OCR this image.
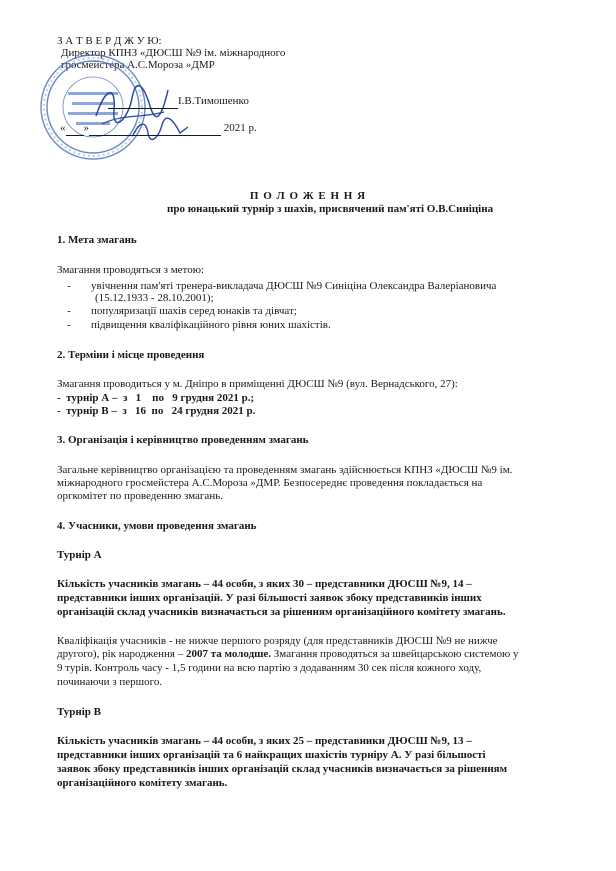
З А Т В Е Р Д Ж У Ю:
Директор КПНЗ «ДЮСШ №9 ім. міжнародного
гросмейстера А.С.Мороза »ДМР
І.В.Тимошенко
« »	2021 р.
П О Л О Ж Е Н Н Я
про юнацький турнір з шахів, присвячений пам'яті О.В.Синіціна
1. Мета змагань
Змагання проводяться з метою:
-	увічнення пам'яті тренера-викладача ДЮСШ №9 Синіціна Олександра Валеріановича
(15.12.1933 - 28.10.2001);
-	популяризації шахів серед юнаків та дівчат;
-	підвищення кваліфікаційного рівня юних шахістів.
2. Терміни і місце проведення
Змагання проводиться у м. Дніпро в приміщенні ДЮСШ №9 (вул. Вернадського, 27):
-  турнір А –  з   1    по   9 грудня 2021 р.;
-  турнір В –  з   16  по   24 грудня 2021 р.
3. Організація і керівництво проведенням змагань
Загальне керівництво організацією та проведенням змагань здійснюється КПНЗ «ДЮСШ №9 ім.
міжнародного гросмейстера А.С.Мороза »ДМР. Безпосереднє проведення покладається на
оргкомітет по проведенню змагань.
4. Учасники, умови проведення змагань
Турнір А
Кількість учасників змагань – 44 особи, з яких 30 – представники ДЮСШ №9, 14 –
представники інших організацій. У разі більшості заявок збоку представників інших
організацій склад учасників визначається за рішенням організаційного комітету змагань.
Кваліфікація учасників - не нижче першого розряду (для представників ДЮСШ №9 не нижче
другого), рік народження – 2007 та молодше. Змагання проводяться за швейцарською системою у
9 турів. Контроль часу - 1,5 години на всю партію з додаванням 30 сек після кожного ходу,
починаючи з першого.
Турнір В
Кількість учасників змагань – 44 особи, з яких 25 – представники ДЮСШ №9, 13 –
представники інших організацій та 6 найкращих шахістів турніру А. У разі більшості
заявок збоку представників інших організацій склад учасників визначається за рішенням
організаційного комітету змагань.
